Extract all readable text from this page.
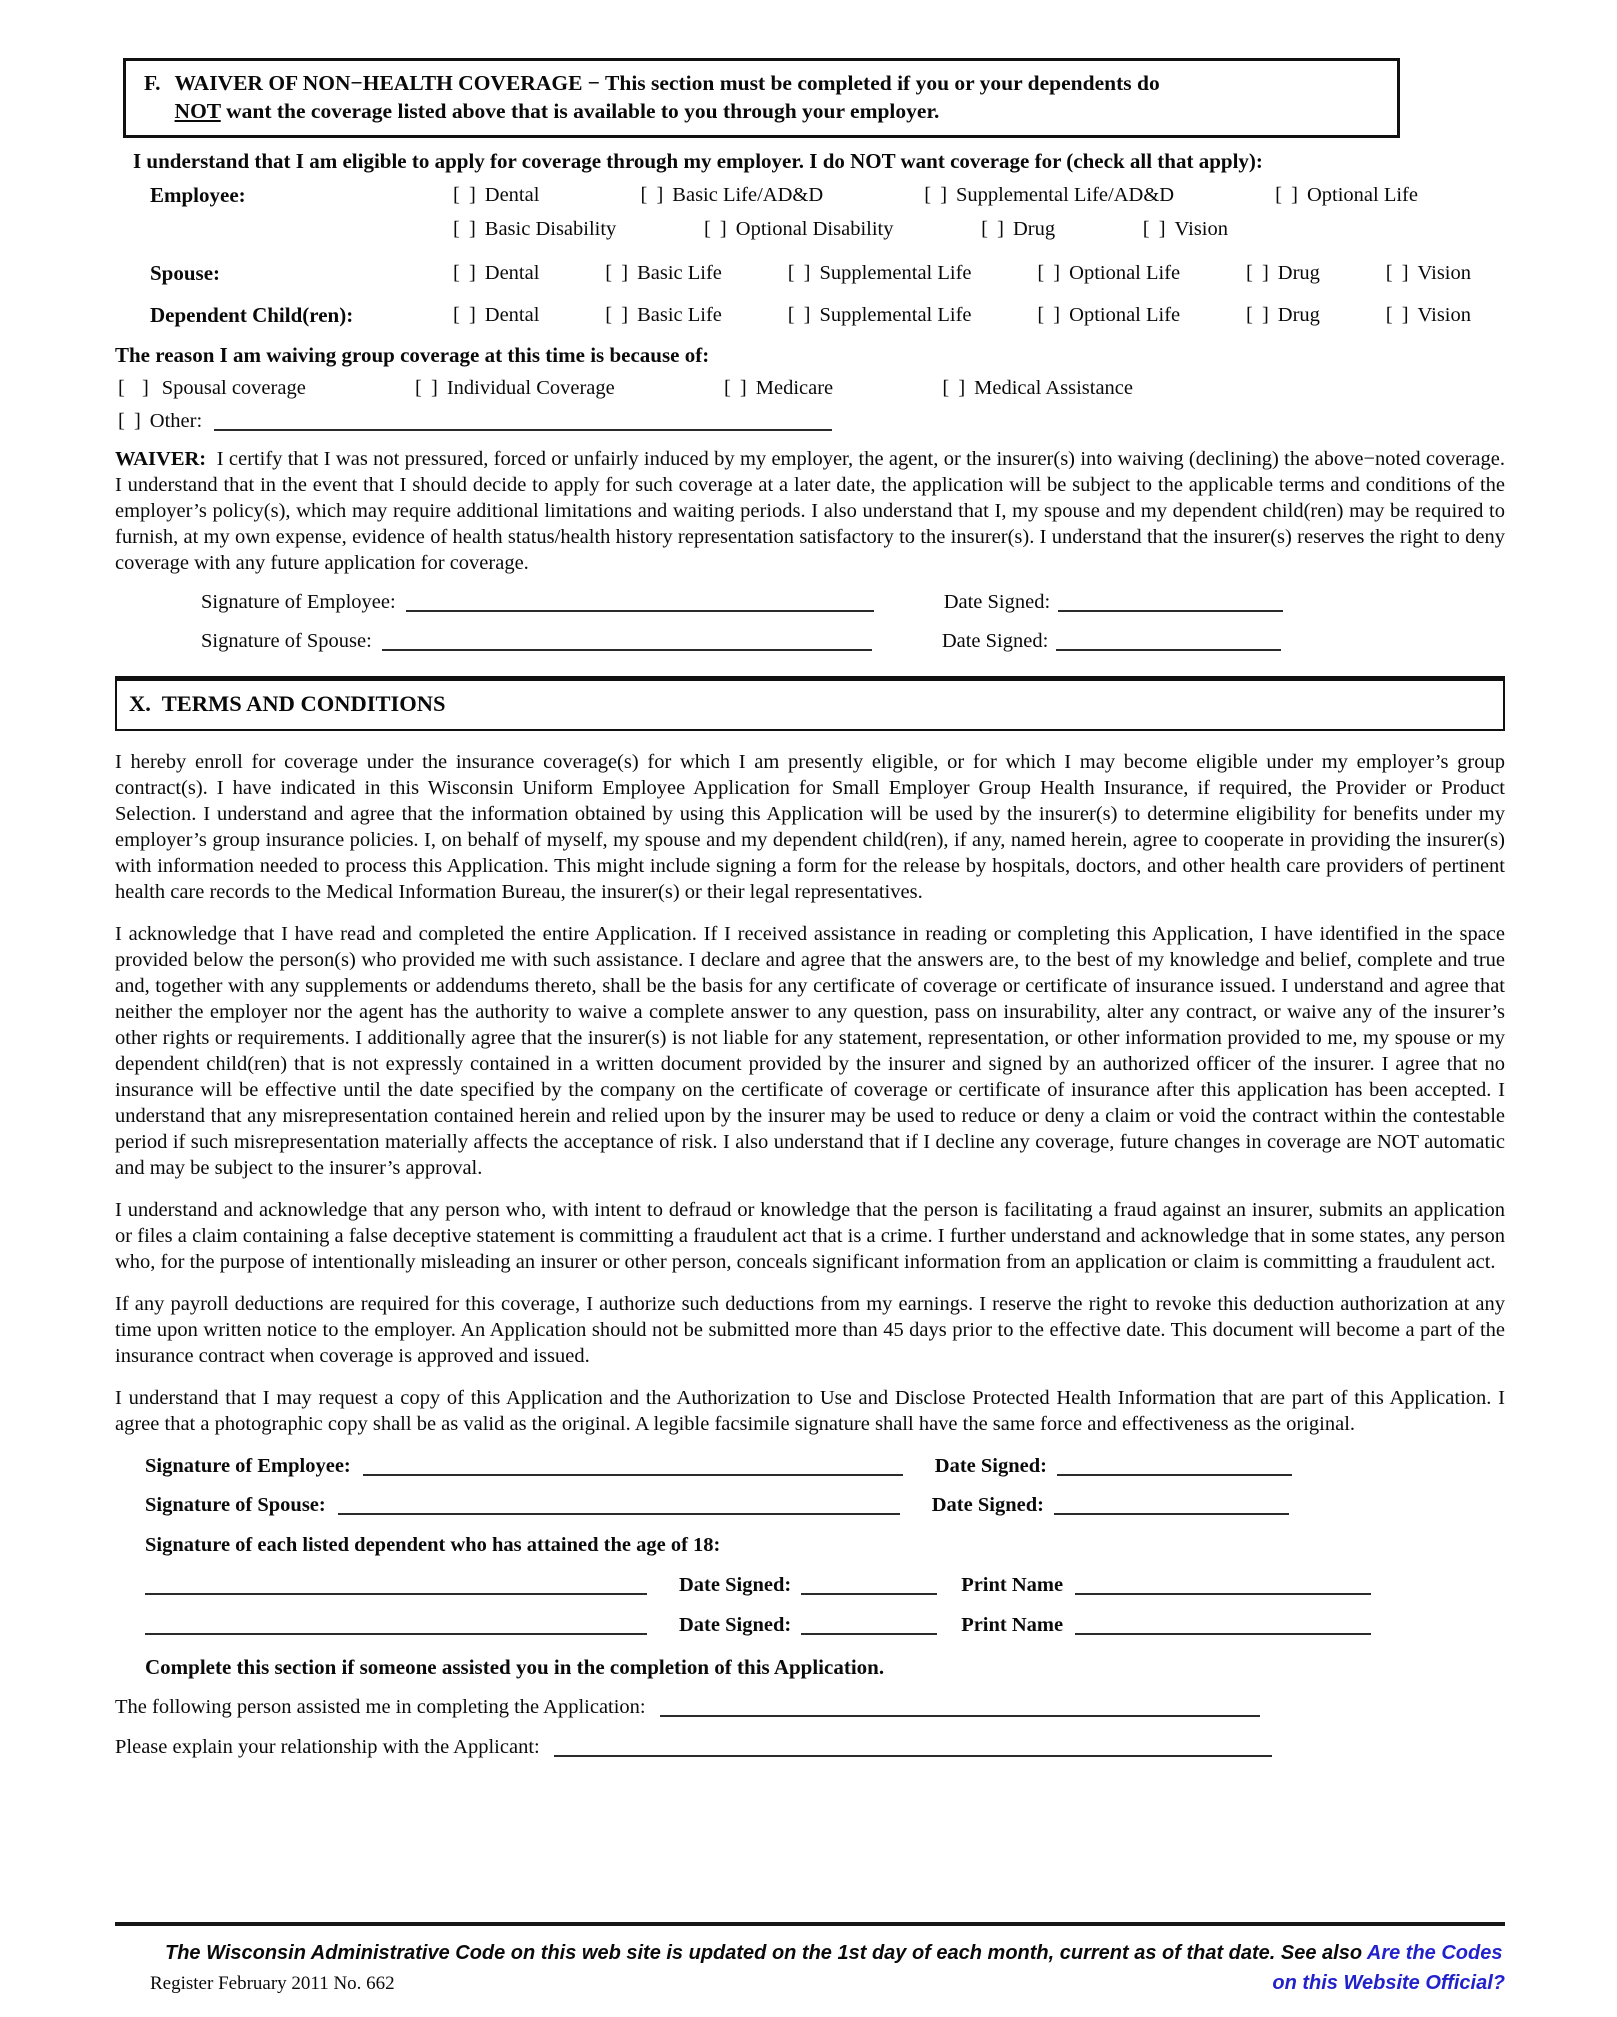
F. WAIVER OF NON−HEALTH COVERAGE − This section must be completed if you or your dependents do
NOT want the coverage listed above that is available to you through your employer.
I understand that I am eligible to apply for coverage through my employer. I do NOT want coverage for (check all that apply):
Employee:	[ ] Dental	[ ] Basic Life/AD&D	[ ] Supplemental Life/AD&D	[ ] Optional Life
[ ] Basic Disability	[ ] Optional Disability	[ ] Drug	[ ] Vision
Spouse:	[ ] Dental	[ ] Basic Life	[ ] Supplemental Life	[ ] Optional Life	[ ] Drug	[ ] Vision
Dependent Child(ren):	[ ] Dental	[ ] Basic Life	[ ] Supplemental Life	[ ] Optional Life	[ ] Drug	[ ] Vision
The reason I am waiving group coverage at this time is because of:
[ ] Spousal coverage	[ ] Individual Coverage	[ ] Medicare	[ ] Medical Assistance
[ ] Other:
WAIVER: I certify that I was not pressured, forced or unfairly induced by my employer, the agent, or the insurer(s) into waiving (declining) the above−noted coverage. I understand that in the event that I should decide to apply for such coverage at a later date, the application will be subject to the applicable terms and conditions of the employer’s policy(s), which may require additional limitations and waiting periods. I also understand that I, my spouse and my dependent child(ren) may be required to furnish, at my own expense, evidence of health status/health history representation satisfactory to the insurer(s). I understand that the insurer(s) reserves the right to deny coverage with any future application for coverage.
Signature of Employee:	Date Signed:
Signature of Spouse:	Date Signed:
X.  TERMS AND CONDITIONS
I hereby enroll for coverage under the insurance coverage(s) for which I am presently eligible, or for which I may become eligible under my employer’s group contract(s). I have indicated in this Wisconsin Uniform Employee Application for Small Employer Group Health Insurance, if required, the Provider or Product Selection. I understand and agree that the information obtained by using this Application will be used by the insurer(s) to determine eligibility for benefits under my employer’s group insurance policies. I, on behalf of myself, my spouse and my dependent child(ren), if any, named herein, agree to cooperate in providing the insurer(s) with information needed to process this Application. This might include signing a form for the release by hospitals, doctors, and other health care providers of pertinent health care records to the Medical Information Bureau, the insurer(s) or their legal representatives.
I acknowledge that I have read and completed the entire Application. If I received assistance in reading or completing this Application, I have identified in the space provided below the person(s) who provided me with such assistance. I declare and agree that the answers are, to the best of my knowledge and belief, complete and true and, together with any supplements or addendums thereto, shall be the basis for any certificate of coverage or certificate of insurance issued. I understand and agree that neither the employer nor the agent has the authority to waive a complete answer to any question, pass on insurability, alter any contract, or waive any of the insurer’s other rights or requirements. I additionally agree that the insurer(s) is not liable for any statement, representation, or other information provided to me, my spouse or my dependent child(ren) that is not expressly contained in a written document provided by the insurer and signed by an authorized officer of the insurer. I agree that no insurance will be effective until the date specified by the company on the certificate of coverage or certificate of insurance after this application has been accepted. I understand that any misrepresentation contained herein and relied upon by the insurer may be used to reduce or deny a claim or void the contract within the contestable period if such misrepresentation materially affects the acceptance of risk. I also understand that if I decline any coverage, future changes in coverage are NOT automatic and may be subject to the insurer’s approval.
I understand and acknowledge that any person who, with intent to defraud or knowledge that the person is facilitating a fraud against an insurer, submits an application or files a claim containing a false deceptive statement is committing a fraudulent act that is a crime. I further understand and acknowledge that in some states, any person who, for the purpose of intentionally misleading an insurer or other person, conceals significant information from an application or claim is committing a fraudulent act.
If any payroll deductions are required for this coverage, I authorize such deductions from my earnings. I reserve the right to revoke this deduction authorization at any time upon written notice to the employer. An Application should not be submitted more than 45 days prior to the effective date. This document will become a part of the insurance contract when coverage is approved and issued.
I understand that I may request a copy of this Application and the Authorization to Use and Disclose Protected Health Information that are part of this Application. I agree that a photographic copy shall be as valid as the original. A legible facsimile signature shall have the same force and effectiveness as the original.
Signature of Employee:	Date Signed:
Signature of Spouse:	Date Signed:
Signature of each listed dependent who has attained the age of 18:
Date Signed:	Print Name
Date Signed:	Print Name
Complete this section if someone assisted you in the completion of this Application.
The following person assisted me in completing the Application:
Please explain your relationship with the Applicant:
The Wisconsin Administrative Code on this web site is updated on the 1st day of each month, current as of that date. See also Are the Codes
Register February 2011 No. 662	on this Website Official?
